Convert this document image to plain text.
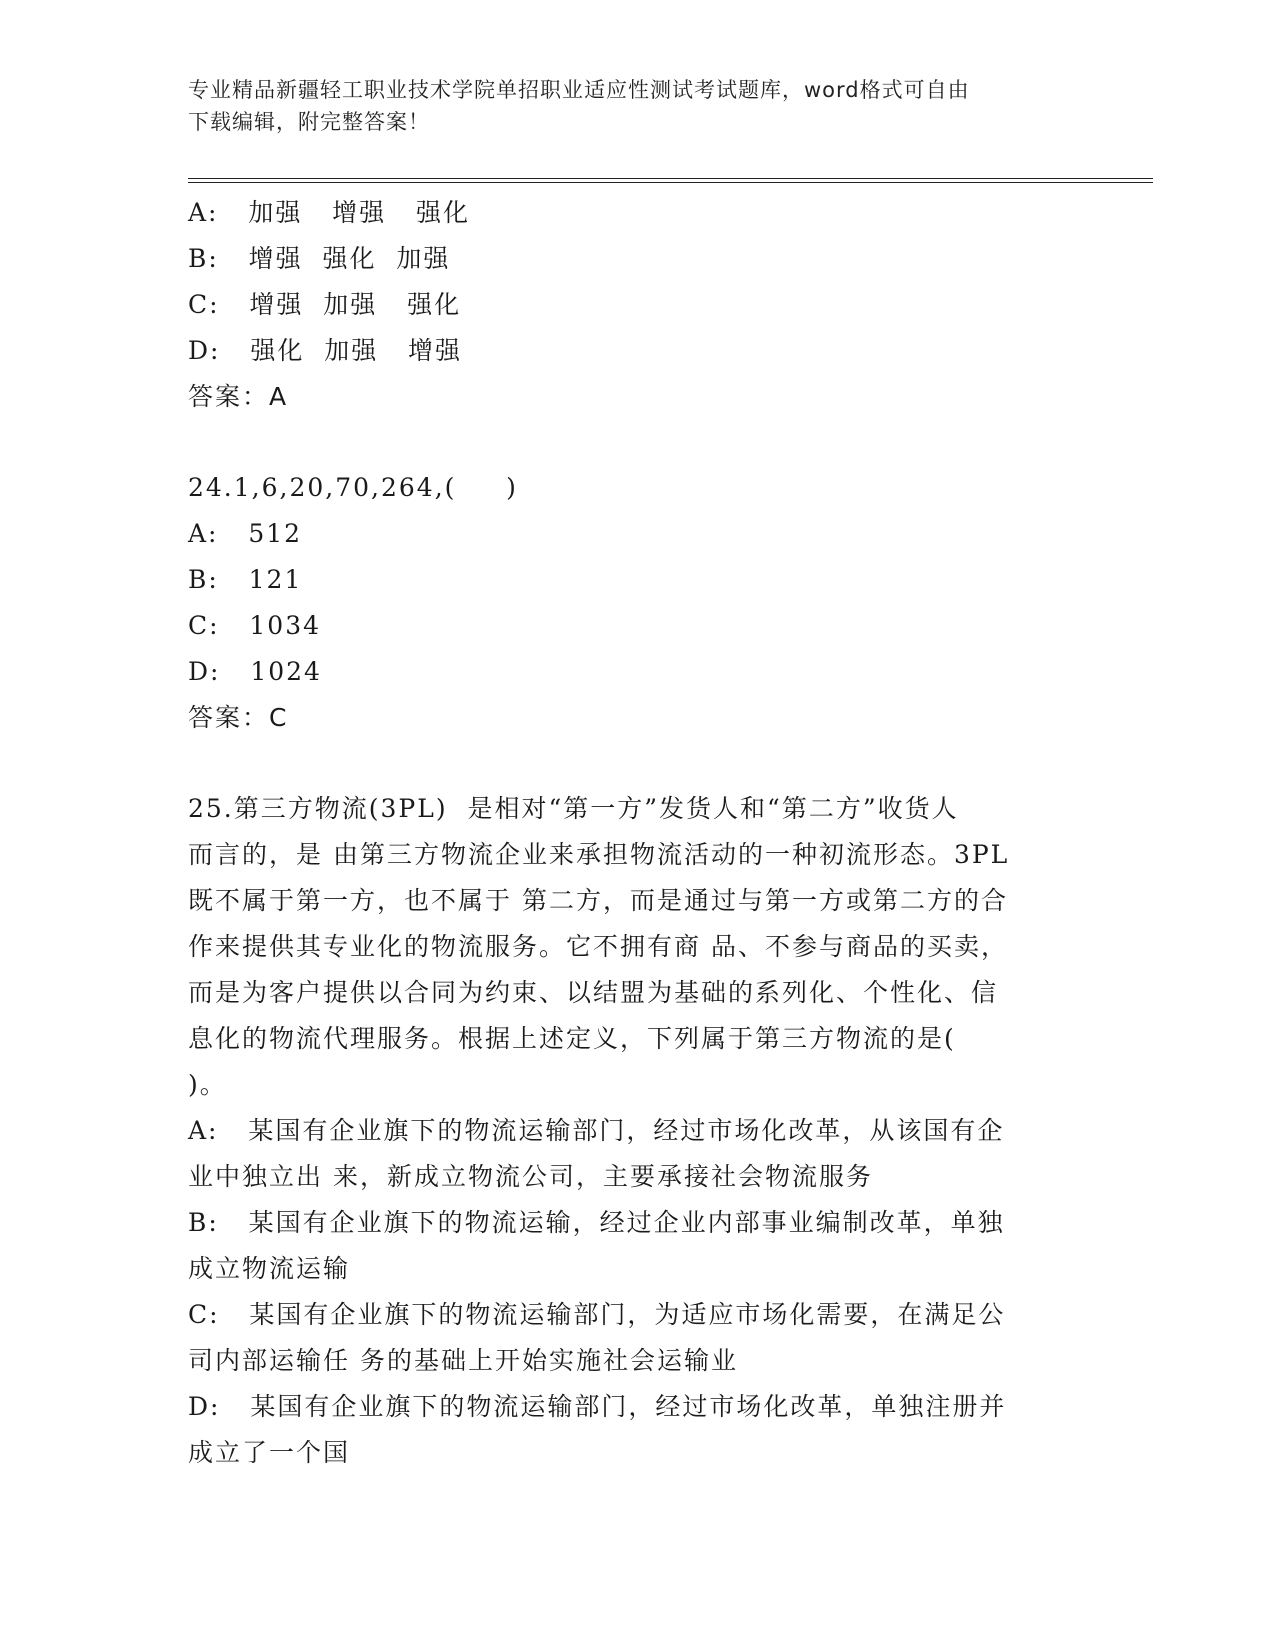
专业精品新疆轻工职业技术学院单招职业适应性测试考试题库，word格式可自由
下载编辑，附完整答案！

A: 加强   增强   强化

B: 增强  强化  加强

C: 增强  加强   强化

D: 强化  加强   增强

答案：A

24.1,6,20,70,264,(     )

A: 512

B: 121

C: 1034

D: 1024

答案：C

25.第三方物流(3PL)  是相对“第一方”发货人和“第二方”收货人

而言的，是 由第三方物流企业来承担物流活动的一种初流形态。3PL

既不属于第一方，也不属于 第二方，而是通过与第一方或第二方的合

作来提供其专业化的物流服务。它不拥有商 品、不参与商品的买卖，

而是为客户提供以合同为约束、以结盟为基础的系列化、个性化、信

息化的物流代理服务。根据上述定义，下列属于第三方物流的是(

)。

A: 某国有企业旗下的物流运输部门，经过市场化改革，从该国有企

业中独立出 来，新成立物流公司，主要承接社会物流服务

B: 某国有企业旗下的物流运输，经过企业内部事业编制改革，单独

成立物流运输

C: 某国有企业旗下的物流运输部门，为适应市场化需要，在满足公

司内部运输任 务的基础上开始实施社会运输业

D: 某国有企业旗下的物流运输部门，经过市场化改革，单独注册并

成立了一个国
